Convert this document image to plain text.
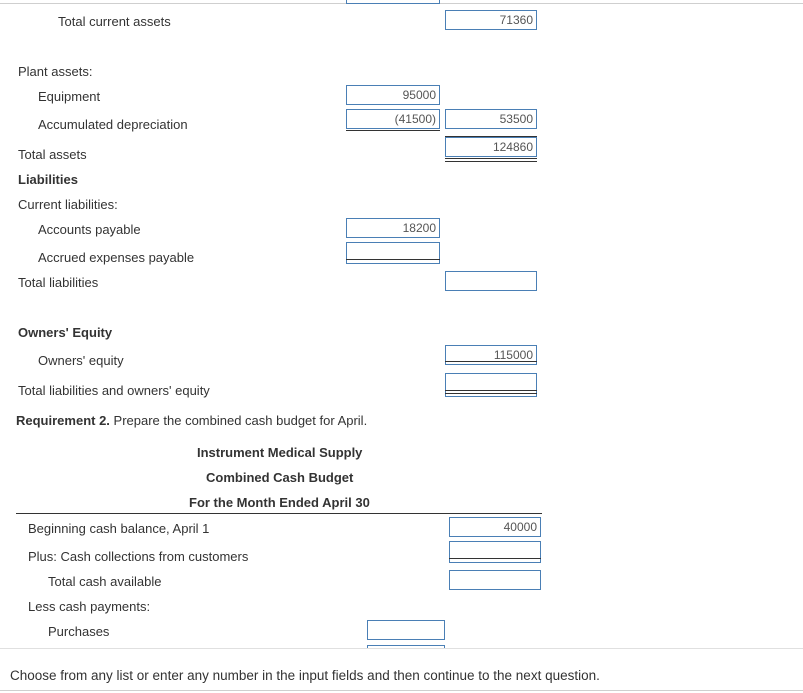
Total current assets
71360
Plant assets:
Equipment
95000
Accumulated depreciation
(41500)
53500
Total assets
124860
Liabilities
Current liabilities:
Accounts payable
18200
Accrued expenses payable
Total liabilities
Owners' Equity
Owners' equity
115000
Total liabilities and owners' equity
Requirement 2. Prepare the combined cash budget for April.
Instrument Medical Supply
Combined Cash Budget
For the Month Ended April 30
Beginning cash balance, April 1
40000
Plus: Cash collections from customers
Total cash available
Less cash payments:
Purchases
Choose from any list or enter any number in the input fields and then continue to the next question.
